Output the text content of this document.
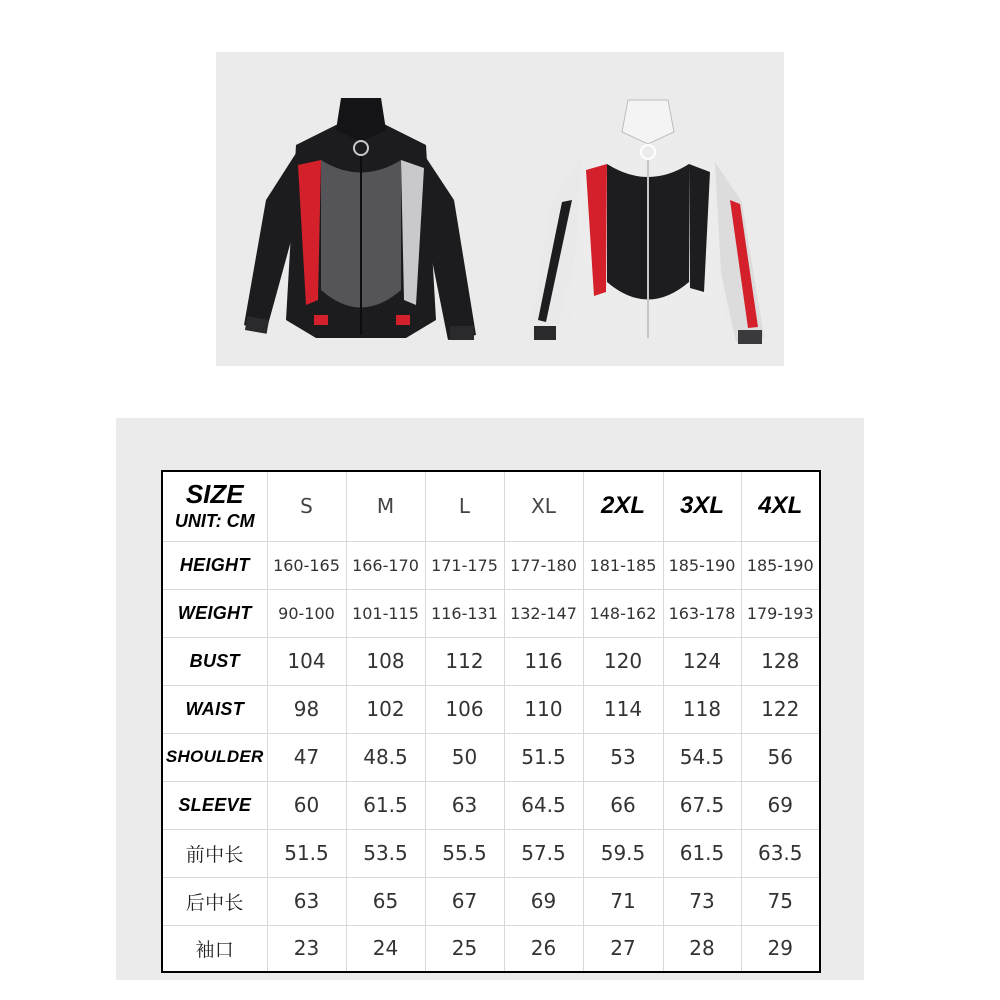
SIZE
UNIT: CM	S	M	L	XL	2XL	3XL	4XL
HEIGHT	160-165	166-170	171-175	177-180	181-185	185-190	185-190
WEIGHT	90-100	101-115	116-131	132-147	148-162	163-178	179-193
BUST	104	108	112	116	120	124	128
WAIST	98	102	106	110	114	118	122
SHOULDER	47	48.5	50	51.5	53	54.5	56
SLEEVE	60	61.5	63	64.5	66	67.5	69
前中长	51.5	53.5	55.5	57.5	59.5	61.5	63.5
后中长	63	65	67	69	71	73	75
袖口	23	24	25	26	27	28	29
